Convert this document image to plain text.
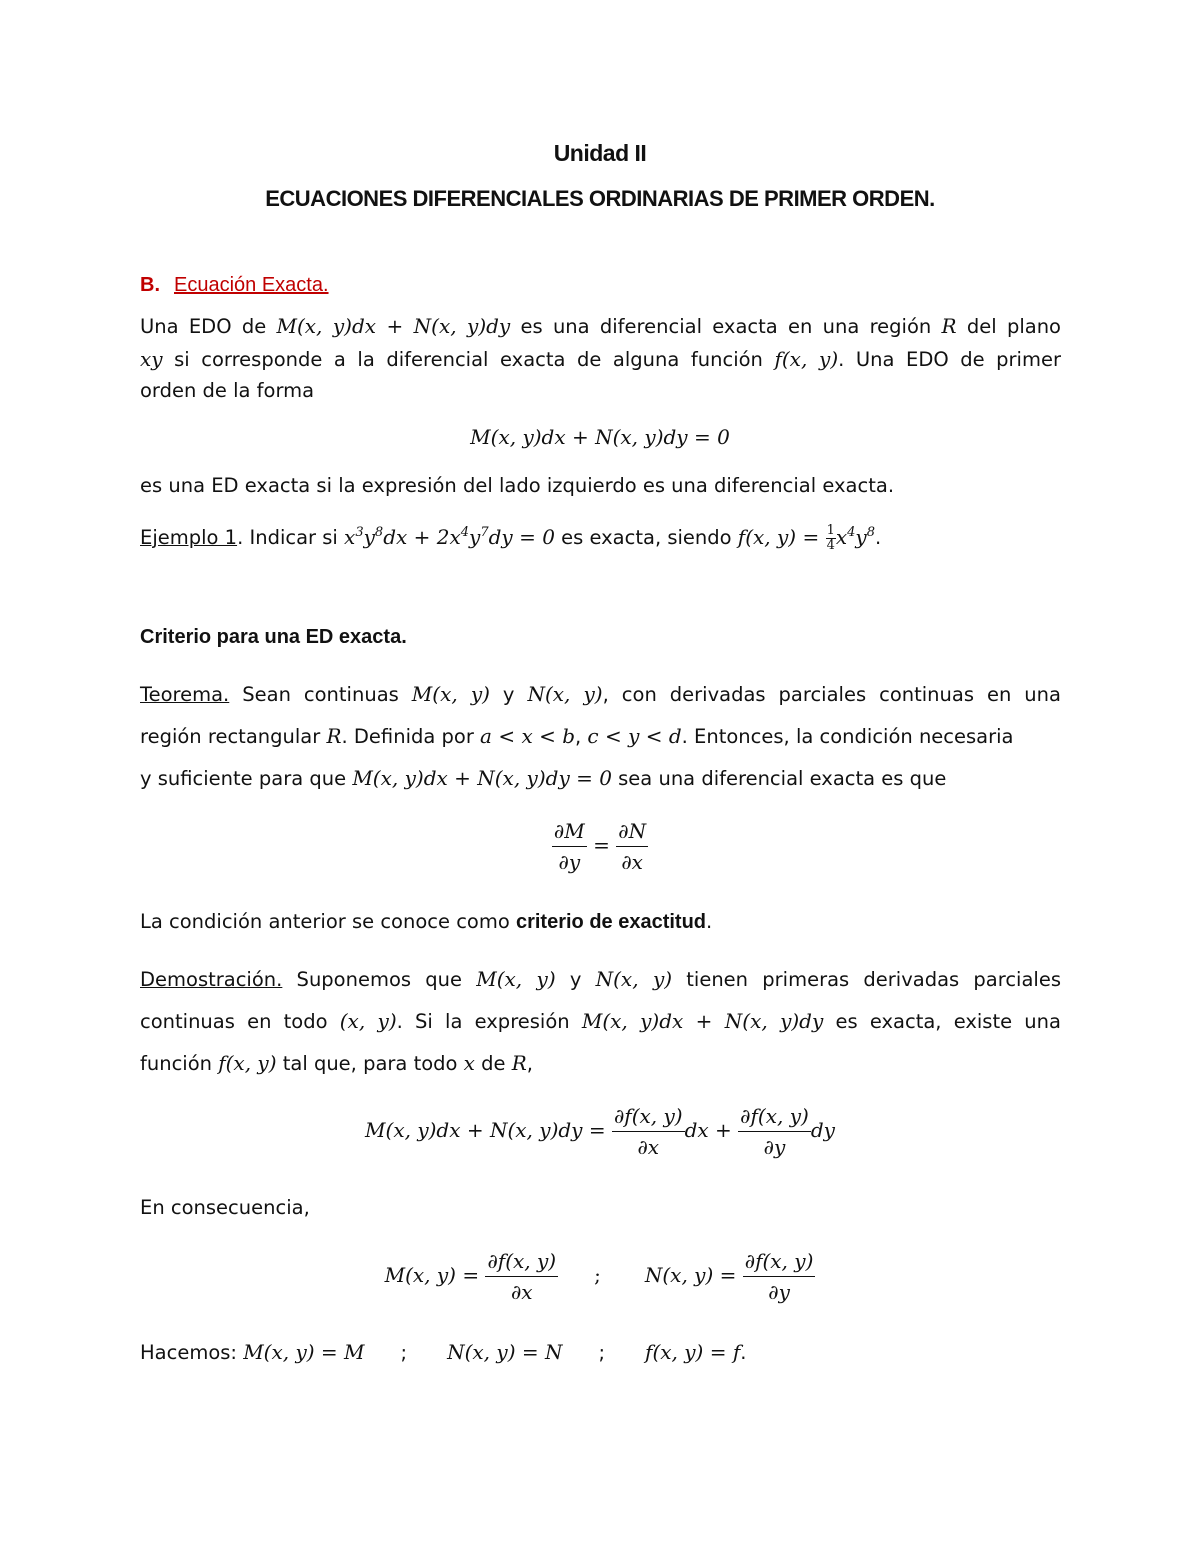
Unidad II
ECUACIONES DIFERENCIALES ORDINARIAS DE PRIMER ORDEN.
B. Ecuación Exacta.
Una EDO de M(x, y)dx + N(x, y)dy es una diferencial exacta en una región R del plano
xy si corresponde a la diferencial exacta de alguna función f(x, y). Una EDO de primer
orden de la forma
M(x, y)dx + N(x, y)dy = 0
es una ED exacta si la expresión del lado izquierdo es una diferencial exacta.
Ejemplo 1. Indicar si $x^3y^8dx + 2x^4y^7dy = 0$ es exacta, siendo f(x, $y) = \frac{1}{4} x^4y^8$.
Criterio para una ED exacta.
Teorema. Sean continuas M(x, y) y N(x, y), con derivadas parciales continuas en una
región rectangular R. Definida por a < x < b, c < y < d. Entonces, la condición necesaria
y suficiente para que M(x, y)dx + N(x, y)dy = 0 sea una diferencial exacta es que
$\frac{\partial M}{\partial y} = \frac{\partial N}{\partial x}$
La condición anterior se conoce como criterio de exactitud.
Demostración. Suponemos que M(x, y) y N(x, y) tienen primeras derivadas parciales
continuas en todo (x, y). Si la expresión M(x, y)dx + N(x, y)dy es exacta, existe una
función f(x, y) tal que, para todo x de R,
M(x, y)dx + N(x, $y)dy = \frac{\partial f(x, y)}{\partial x}$ dx + $\frac{\partial f(x, y)}{\partial y}$ dy
En consecuencia,
M(x, $y) = \frac{\partial f(x, y)}{\partial x}$ ; N(x, $y) = \frac{\partial f(x, y)}{\partial y}$
Hacemos: M(x, y) = M ; N(x, y) = N ; f(x, y) = f.
